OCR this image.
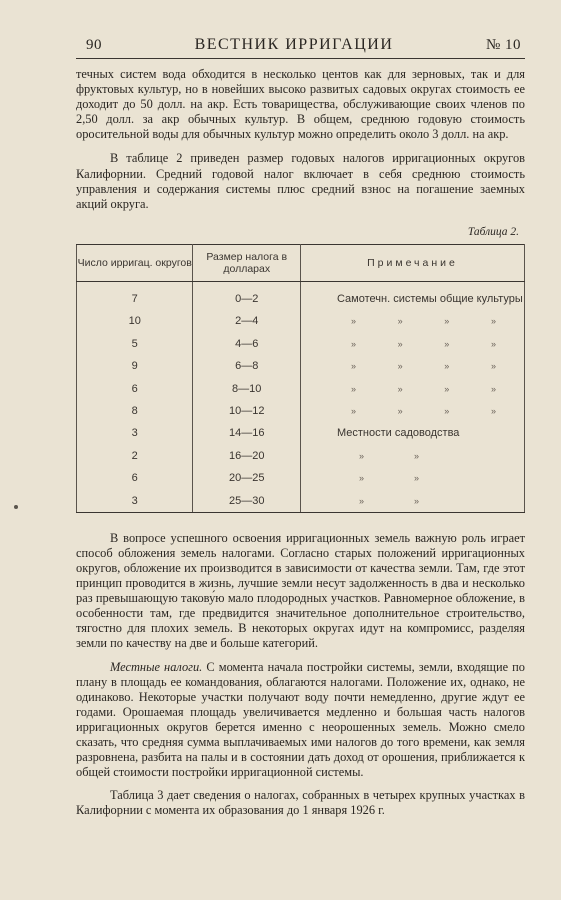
90	ВЕСТНИК ИРРИГАЦИИ	№ 10

течных систем вода обходится в несколько центов как для зерновых, так и для фруктовых культур, но в новейших высоко развитых садовых округах стоимость ее доходит до 50 долл. на акр. Есть товарищества, обслуживающие своих членов по 2,50 долл. за акр обычных культур. В общем, среднюю годовую стоимость оросительной воды для обычных культур можно определить около 3 долл. на акр.

В таблице 2 приведен размер годовых налогов ирригационных округов Калифорнии. Средний годовой налог включает в себя среднюю стоимость управления и содержания системы плюс средний взнос на погашение заемных акций округа.

Таблица 2.
Число ирригац. округов	Размер налога в долларах	Примечание
7	0—2	Самотечн. системы общие культуры
10	2—4	» » » »

5	4—6	» » » »

9	6—8	» » » »

6	8—10	» » » »

8	10—12	» » » »

3	14—16	Местности садоводства
2	16—20	» »

6	20—25	» »

3	25—30	» »

В вопросе успешного освоения ирригационных земель важную роль играет способ обложения земель налогами. Согласно старых положений ирригационных округов, обложение их производится в зависимости от качества земли. Там, где этот принцип проводится в жизнь, лучшие земли несут задолженность в два и несколько раз превышающую такову́ю мало плодородных участков. Равномерное обложение, в особенности там, где предвидится значительное дополнительное строительство, тягостно для плохих земель. В некоторых округах идут на компромисс, разделяя земли по качеству на две и больше категорий.

Местные налоги. С момента начала постройки системы, земли, входящие по плану в площадь ее командования, облагаются налогами. Положение их, однако, не одинаково. Некоторые участки получают воду почти немедленно, другие ждут ее годами. Орошаемая площадь увеличивается медленно и большая часть налогов ирригационных округов берется именно с неорошенных земель. Можно смело сказать, что средняя сумма выплачиваемых ими налогов до того времени, как земля разровнена, разбита на палы и в состоянии дать доход от орошения, приближается к общей стоимости постройки ирригационной системы.

Таблица 3 дает сведения о налогах, собранных в четырех крупных участках в Калифорнии с момента их образования до 1 января 1926 г.
